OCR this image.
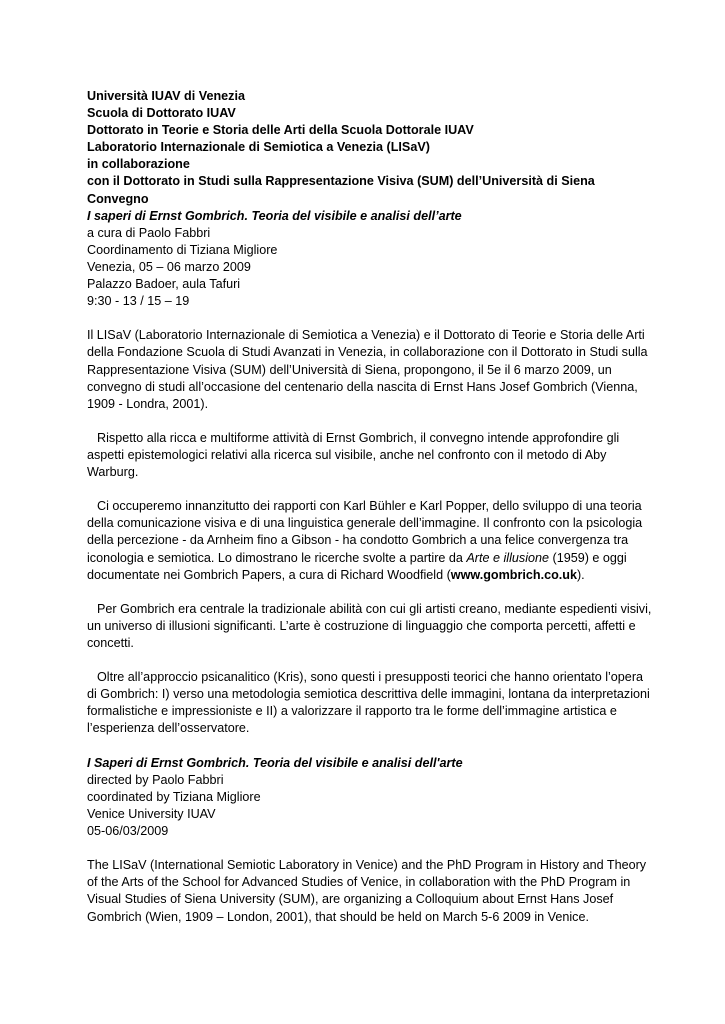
Università IUAV di Venezia
Scuola di Dottorato IUAV
Dottorato in Teorie e Storia delle Arti della Scuola Dottorale IUAV
Laboratorio Internazionale di Semiotica a Venezia (LISaV)
in collaborazione
con il Dottorato in Studi sulla Rappresentazione Visiva (SUM) dell’Università di Siena
Convegno
I saperi di Ernst Gombrich. Teoria del visibile e analisi dell’arte
a cura di Paolo Fabbri
Coordinamento di Tiziana Migliore
Venezia, 05 – 06 marzo 2009
Palazzo Badoer, aula Tafuri
9:30 - 13 / 15 – 19
Il LISaV (Laboratorio Internazionale di Semiotica a Venezia) e il Dottorato di Teorie e Storia delle Arti
della Fondazione Scuola di Studi Avanzati in Venezia, in collaborazione con il Dottorato in Studi sulla
Rappresentazione Visiva (SUM) dell’Università di Siena, propongono, il 5e il 6 marzo 2009, un
convegno di studi all’occasione del centenario della nascita di Ernst Hans Josef Gombrich (Vienna,
1909 - Londra, 2001).
Rispetto alla ricca e multiforme attività di Ernst Gombrich, il convegno intende approfondire gli
aspetti epistemologici relativi alla ricerca sul visibile, anche nel confronto con il metodo di Aby
Warburg.
Ci occuperemo innanzitutto dei rapporti con Karl Bühler e Karl Popper, dello sviluppo di una teoria
della comunicazione visiva e di una linguistica generale dell’immagine. Il confronto con la psicologia
della percezione - da Arnheim fino a Gibson - ha condotto Gombrich a una felice convergenza tra
iconologia e semiotica. Lo dimostrano le ricerche svolte a partire da Arte e illusione (1959) e oggi
documentate nei Gombrich Papers, a cura di Richard Woodfield (www.gombrich.co.uk).
Per Gombrich era centrale la tradizionale abilità con cui gli artisti creano, mediante espedienti visivi,
un universo di illusioni significanti. L’arte è costruzione di linguaggio che comporta percetti, affetti e
concetti.
Oltre all’approccio psicanalitico (Kris), sono questi i presupposti teorici che hanno orientato l’opera
di Gombrich: I) verso una metodologia semiotica descrittiva delle immagini, lontana da interpretazioni
formalistiche e impressioniste e II) a valorizzare il rapporto tra le forme dell’immagine artistica e
l’esperienza dell’osservatore.
I Saperi di Ernst Gombrich. Teoria del visibile e analisi dell'arte
directed by Paolo Fabbri
coordinated by Tiziana Migliore
Venice University IUAV
05-06/03/2009
The LISaV (International Semiotic Laboratory in Venice) and the PhD Program in History and Theory
of the Arts of the School for Advanced Studies of Venice, in collaboration with the PhD Program in
Visual Studies of Siena University (SUM), are organizing a Colloquium about Ernst Hans Josef
Gombrich (Wien, 1909 – London, 2001), that should be held on March 5-6 2009 in Venice.
